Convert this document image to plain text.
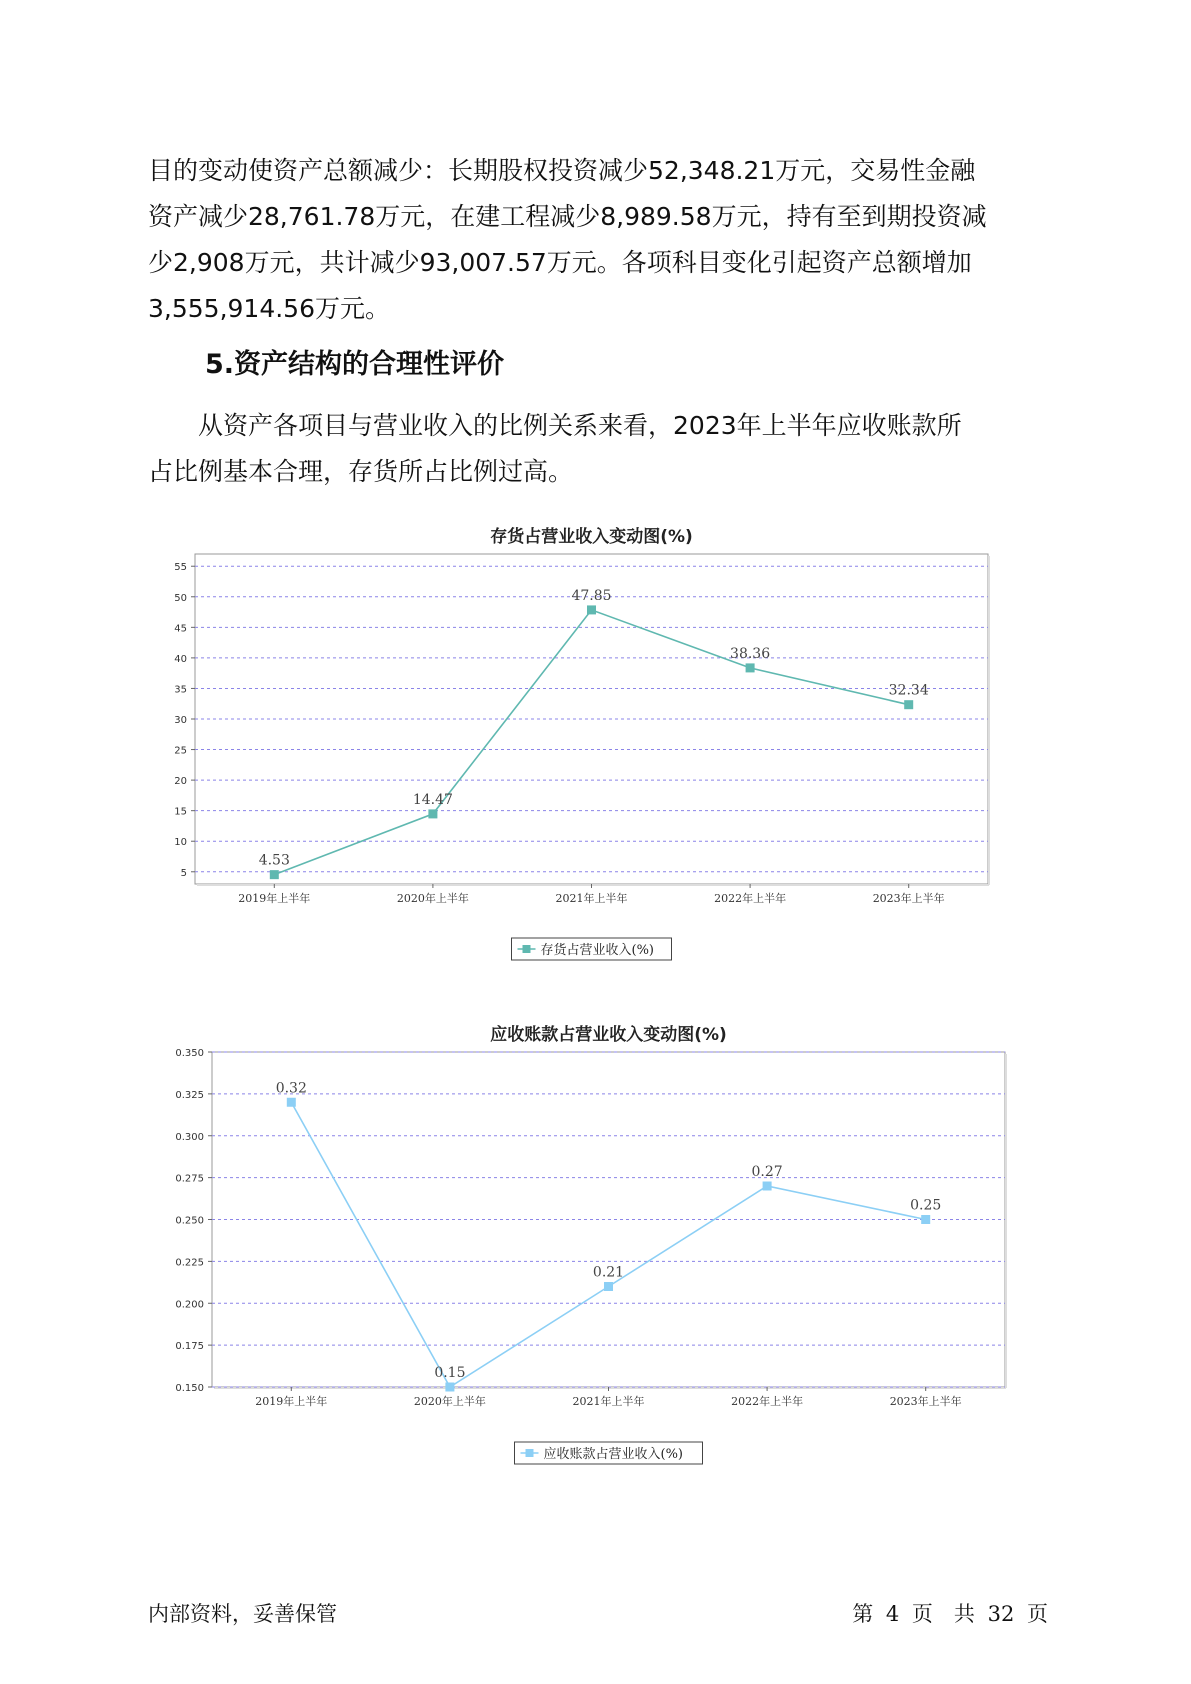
目的变动使资产总额减少：长期股权投资减少52,348.21万元，交易性金融
资产减少28,761.78万元，在建工程减少8,989.58万元，持有至到期投资减
少2,908万元，共计减少93,007.57万元。各项科目变化引起资产总额增加
3,555,914.56万元。
5.资产结构的合理性评价
　　从资产各项目与营业收入的比例关系来看，2023年上半年应收账款所
占比例基本合理，存货所占比例过高。
存货占营业收入变动图(%)
5
10
15
20
25
30
35
40
45
50
55
2019年上半年	2020年上半年	2021年上半年	2022年上半年	2023年上半年
4.53
14.47
47.85
38.36
32.34
存货占营业收入(%)
应收账款占营业收入变动图(%)
0.150
0.175
0.200
0.225
0.250
0.275
0.300
0.325
0.350
2019年上半年	2020年上半年	2021年上半年	2022年上半年	2023年上半年
0.32
0.15
0.21
0.27
0.25
应收账款占营业收入(%)
内部资料，妥善保管	第 4 页　共 32 页
